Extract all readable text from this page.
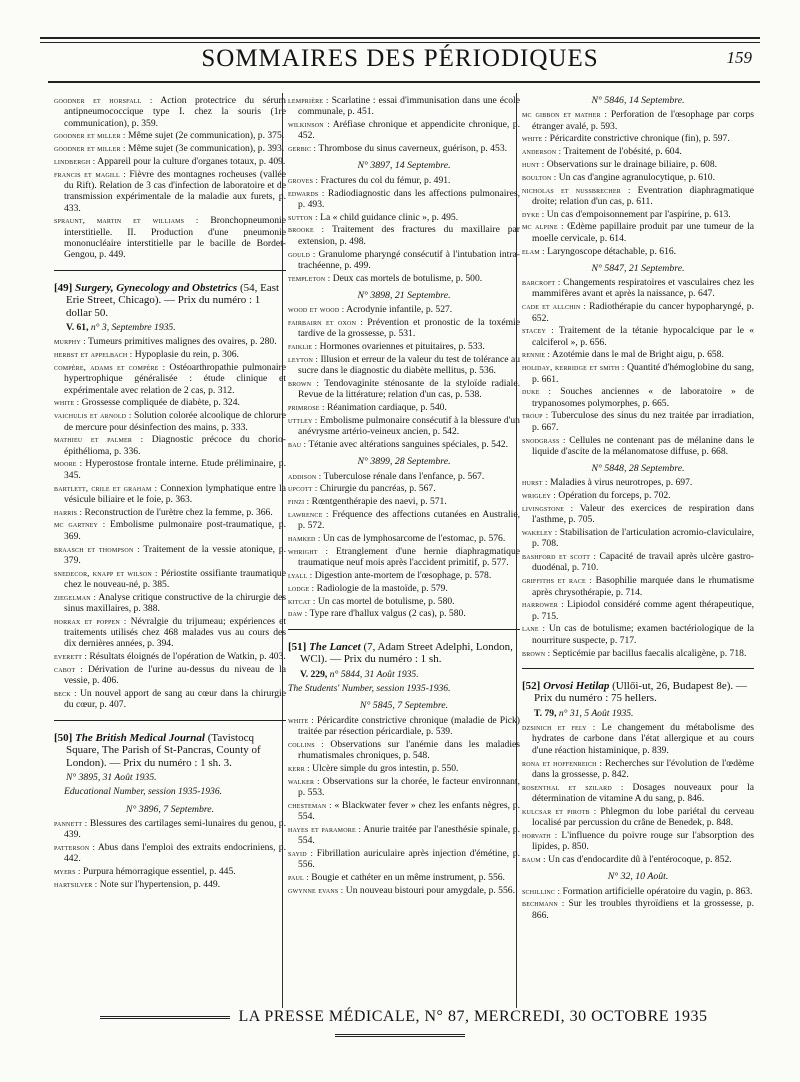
SOMMAIRES DES PÉRIODIQUES	159
goodner et horsfall : Action protectrice du sérum antipneumococcique type I. chez la souris (1re communication), p. 359.
goodner et miller : Même sujet (2e communication), p. 375.
goodner et miller : Même sujet (3e communication), p. 393.
lindbergh : Appareil pour la culture d'organes totaux, p. 409.
francis et magill : Fièvre des montagnes rocheuses (vallée du Rift). Relation de 3 cas d'infection de laboratoire et de transmission expérimentale de la maladie aux furets, p. 433.
spraunt, martin et williams : Bronchopneumonie interstitielle. II. Production d'une pneumonie mononucléaire interstitielle par le bacille de Bordet-Gengou, p. 449.
[49] Surgery, Gynecology and Obstetrics (54, East Erie Street, Chicago). — Prix du numéro : 1 dollar 50.
V. 61, n° 3, Septembre 1935.
murphy : Tumeurs primitives malignes des ovaires, p. 280.
herbst et appelbach : Hypoplasie du rein, p. 306.
compère, adams et compère : Ostéoarthropathie pulmonaire hypertrophique généralisée : étude clinique et expérimentale avec relation de 2 cas, p. 312.
white : Grossesse compliquée de diabète, p. 324.
vaichulis et arnold : Solution colorée alcoolique de chlorure de mercure pour désinfection des mains, p. 333.
mathieu et palmer : Diagnostic précoce du chorio-épithélioma, p. 336.
moore : Hyperostose frontale interne. Etude préliminaire, p. 345.
bartlett, crile et graham : Connexion lymphatique entre la vésicule biliaire et le foie, p. 363.
harris : Reconstruction de l'urètre chez la femme, p. 366.
mc gartney : Embolisme pulmonaire post-traumatique, p. 369.
braasch et thompson : Traitement de la vessie atonique, p. 379.
snedecor, knapp et wilson : Périostite ossifiante traumatique chez le nouveau-né, p. 385.
ziegelman : Analyse critique constructive de la chirurgie des sinus maxillaires, p. 388.
horrax et poppen : Névralgie du trijumeau; expériences et traitements utilisés chez 468 malades vus au cours des dix dernières années, p. 394.
everett : Résultats éloignés de l'opération de Watkin, p. 403.
cabot : Dérivation de l'urine au-dessus du niveau de la vessie, p. 406.
beck : Un nouvel apport de sang au cœur dans la chirurgie du cœur, p. 407.
[50] The British Medical Journal (Tavistocq Square, The Parish of St-Pancras, County of London). — Prix du numéro : 1 sh. 3.
N° 3895, 31 Août 1935.
Educational Number, session 1935-1936.
N° 3896, 7 Septembre.
pannett : Blessures des cartilages semi-lunaires du genou, p. 439.
patterson : Abus dans l'emploi des extraits endocriniens, p. 442.
myers : Purpura hémorragique essentiel, p. 445.
hartsilver : Note sur l'hypertension, p. 449.
lemprière : Scarlatine : essai d'immunisation dans une école communale, p. 451.
wilkinson : Aréfiase chronique et appendicite chronique, p. 452.
gerbic : Thrombose du sinus caverneux, guérison, p. 453.
N° 3897, 14 Septembre.
groves : Fractures du col du fémur, p. 491.
edwards : Radiodiagnostic dans les affections pulmonaires, p. 493.
sutton : La « child guidance clinic », p. 495.
brooke : Traitement des fractures du maxillaire par extension, p. 498.
gould : Granulome pharyngé consécutif à l'intubation intra-trachéenne, p. 499.
templeton : Deux cas mortels de botulisme, p. 500.
N° 3898, 21 Septembre.
wood et wood : Acrodynie infantile, p. 527.
fairbairn et oxon : Prévention et pronostic de la toxémie tardive de la grossesse, p. 531.
faiklie : Hormones ovariennes et pituitaires, p. 533.
leyton : Illusion et erreur de la valeur du test de tolérance au sucre dans le diagnostic du diabète mellitus, p. 536.
brown : Tendovaginite sténosante de la styloïde radiale. Revue de la littérature; relation d'un cas, p. 538.
primrose : Réanimation cardiaque, p. 540.
uttley : Embolisme pulmonaire consécutif à la blessure d'un anévrysme artério-veineux ancien, p. 542.
bau : Tétanie avec altérations sanguines spéciales, p. 542.
N° 3899, 28 Septembre.
addison : Tuberculose rénale dans l'enfance, p. 567.
upcott : Chirurgie du pancréas, p. 567.
finzi : Rœntgenthérapie des naevi, p. 571.
lawrence : Fréquence des affections cutanées en Australie, p. 572.
hamked : Un cas de lymphosarcome de l'estomac, p. 576.
whright : Etranglement d'une hernie diaphragmatique traumatique neuf mois après l'accident primitif, p. 577.
lyall : Digestion ante-mortem de l'œsophage, p. 578.
lodge : Radiologie de la mastoïde, p. 579.
kitcat : Un cas mortel de botulisme, p. 580.
daw : Type rare d'hallux valgus (2 cas), p. 580.
[51] The Lancet (7, Adam Street Adelphi, London, WCl). — Prix du numéro : 1 sh.
V. 229, n° 5844, 31 Août 1935.
The Students' Number, session 1935-1936.
N° 5845, 7 Septembre.
white : Péricardite constrictive chronique (maladie de Pick) traitée par résection péricardiale, p. 539.
collins : Observations sur l'anémie dans les maladies rhumatismales chroniques, p. 548.
kerr : Ulcère simple du gros intestin, p. 550.
walker : Observations sur la chorée, le facteur environnant, p. 553.
chesteman : « Blackwater fever » chez les enfants nègres, p. 554.
hayes et paramore : Anurie traitée par l'anesthésie spinale, p. 554.
sayid : Fibrillation auriculaire après injection d'émétine, p. 556.
paul : Bougie et cathéter en un même instrument, p. 556.
gwynne evans : Un nouveau bistouri pour amygdale, p. 556.
N° 5846, 14 Septembre.
mc gibbon et mather : Perforation de l'œsophage par corps étranger avalé, p. 593.
white : Péricardite constrictive chronique (fin), p. 597.
anderson : Traitement de l'obésité, p. 604.
hunt : Observations sur le drainage biliaire, p. 608.
boulton : Un cas d'angine agranulocytique, p. 610.
nicholas et nussbrecher : Eventration diaphragmatique droite; relation d'un cas, p. 611.
dyke : Un cas d'empoisonnement par l'aspirine, p. 613.
mc alpine : Œdème papillaire produit par une tumeur de la moelle cervicale, p. 614.
elam : Laryngoscope détachable, p. 616.
N° 5847, 21 Septembre.
barcroft : Changements respiratoires et vasculaires chez les mammifères avant et après la naissance, p. 647.
cade et allchin : Radiothérapie du cancer hypopharyngé, p. 652.
stacey : Traitement de la tétanie hypocalcique par le « calciferol », p. 656.
rennie : Azotémie dans le mal de Bright aigu, p. 658.
holiday, kerridge et smith : Quantité d'hémoglobine du sang, p. 661.
duke : Souches anciennes « de laboratoire » de trypanosomes polymorphes, p. 665.
troup : Tuberculose des sinus du nez traitée par irradiation, p. 667.
snodgrass : Cellules ne contenant pas de mélanine dans le liquide d'ascite de la mélanomatose diffuse, p. 668.
N° 5848, 28 Septembre.
hurst : Maladies à virus neurotropes, p. 697.
wrigley : Opération du forceps, p. 702.
livingstone : Valeur des exercices de respiration dans l'asthme, p. 705.
wakeley : Stabilisation de l'articulation acromio-claviculaire, p. 708.
bashford et scott : Capacité de travail après ulcère gastro-duodénal, p. 710.
griffiths et race : Basophilie marquée dans le rhumatisme après chrysothérapie, p. 714.
harrower : Lipiodol considéré comme agent thérapeutique, p. 715.
lane : Un cas de botulisme; examen bactériologique de la nourriture suspecte, p. 717.
brown : Septicémie par bacillus faecalis alcaligène, p. 718.
[52] Orvosi Hetilap (Ullői-ut, 26, Budapest 8e). — Prix du numéro : 75 hellers.
T. 79, n° 31, 5 Août 1935.
dzsinich et fely : Le changement du métabolisme des hydrates de carbone dans l'état allergique et au cours d'une réaction histaminique, p. 839.
rona et hoffenreich : Recherches sur l'évolution de l'œdème dans la grossesse, p. 842.
rosenthal et szilard : Dosages nouveaux pour la détermination de vitamine A du sang, p. 846.
kulcsar et pirotb : Phlegmon du lobe pariétal du cerveau localisé par percussion du crâne de Benedek, p. 848.
horvath : L'influence du poivre rouge sur l'absorption des lipides, p. 850.
baum : Un cas d'endocardite dû à l'entérocoque, p. 852.
N° 32, 10 Août.
schillinc : Formation artificielle opératoire du vagin, p. 863.
bechmann : Sur les troubles thyroïdiens et la grossesse, p. 866.
LA PRESSE MÉDICALE, N° 87, MERCREDI, 30 OCTOBRE 1935
